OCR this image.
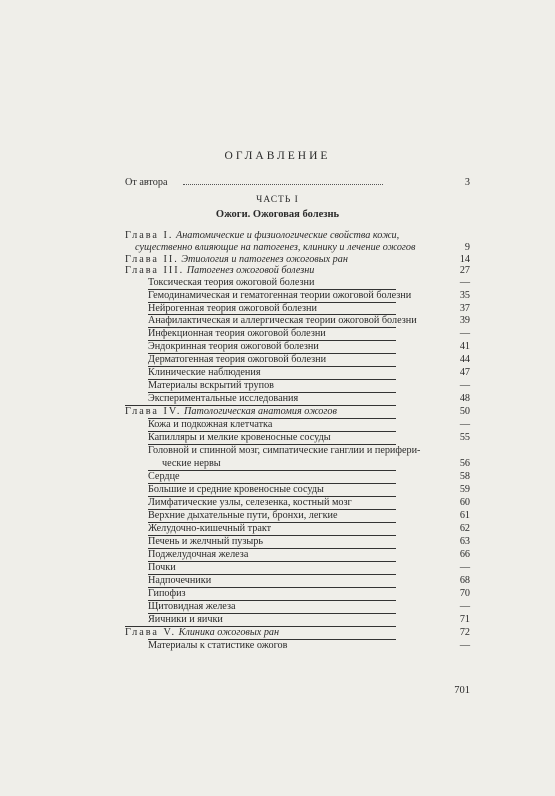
ОГЛАВЛЕНИЕ
От автора	3
ЧАСТЬ I
Ожоги. Ожоговая болезнь
Глава I. Анатомические и физиологические свойства кожи,
существенно влияющие на патогенез, клинику и лечение ожогов	9
Глава II. Этиология и патогенез ожоговых ран	14
Глава III. Патогенез ожоговой болезни	27
Токсическая теория ожоговой болезни	—
Гемодинамическая и гематогенная теории ожоговой болезни	35
Нейрогенная теория ожоговой болезни	37
Анафилактическая и аллергическая теории ожоговой болезни	39
Инфекционная теория ожоговой болезни	—
Эндокринная теория ожоговой болезни	41
Дерматогенная теория ожоговой болезни	44
Клинические наблюдения	47
Материалы вскрытий трупов	—
Экспериментальные исследования	48
Глава IV. Патологическая анатомия ожогов	50
Кожа и подкожная клетчатка	—
Капилляры и мелкие кровеносные сосуды	55
Головной и спинной мозг, симпатические ганглии и перифери-
ческие нервы	56
Сердце	58
Большие и средние кровеносные сосуды	59
Лимфатические узлы, селезенка, костный мозг	60
Верхние дыхательные пути, бронхи, легкие	61
Желудочно-кишечный тракт	62
Печень и желчный пузырь	63
Поджелудочная железа	66
Почки	—
Надпочечники	68
Гипофиз	70
Щитовидная железа	—
Яичники и яички	71
Глава V. Клиника ожоговых ран	72
Материалы к статистике ожогов	—
701
